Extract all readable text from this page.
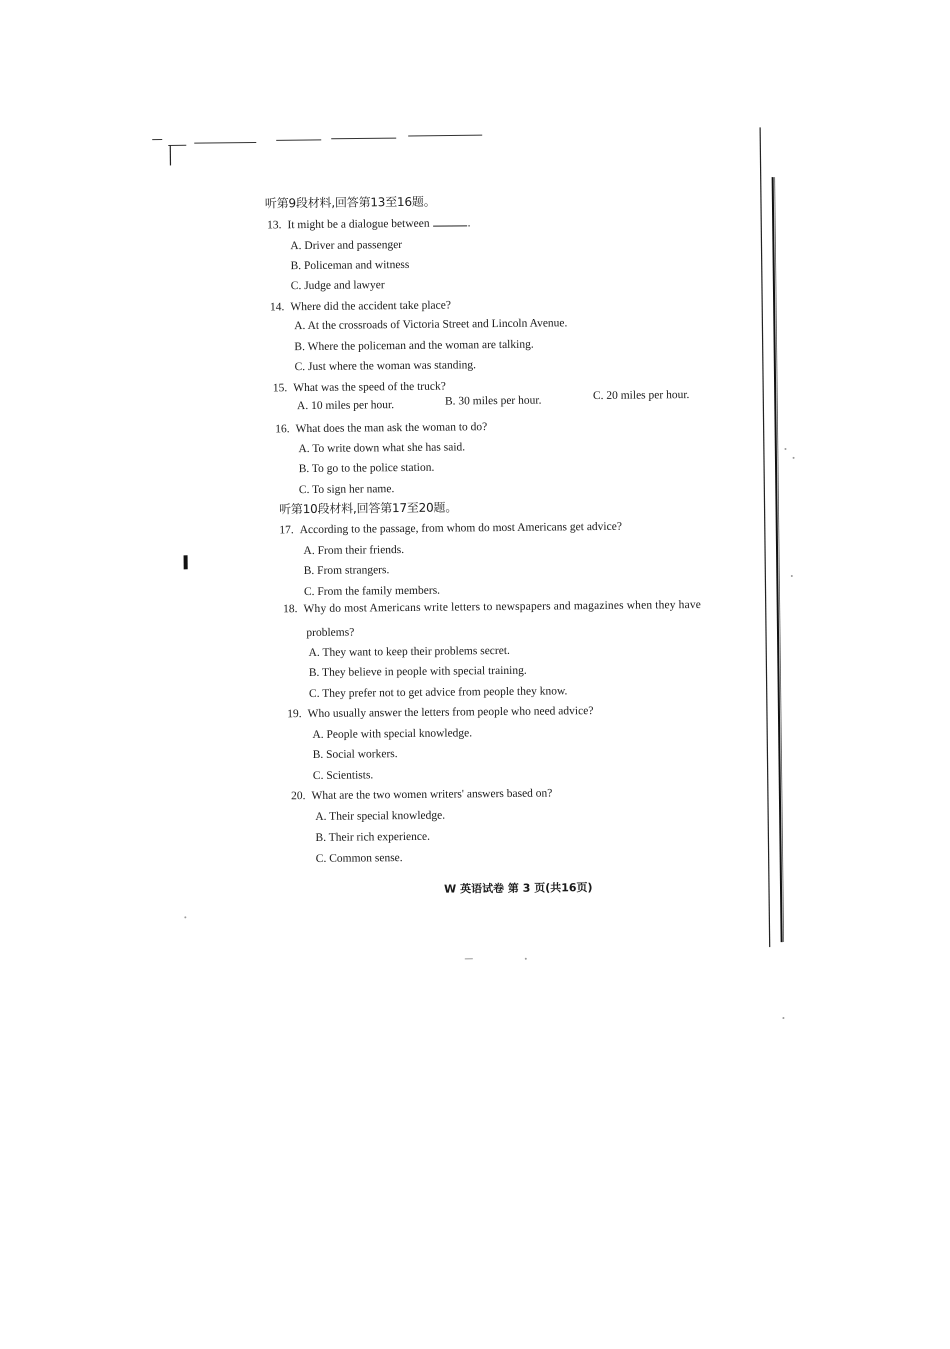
听第9段材料,回答第13至16题。
13. It might be a dialogue between	.
A. Driver and passenger
B. Policeman and witness
C. Judge and lawyer
14. Where did the accident take place?
A. At the crossroads of Victoria Street and Lincoln Avenue.
B. Where the policeman and the woman are talking.
C. Just where the woman was standing.
15. What was the speed of the truck?
A. 10 miles per hour.	B. 30 miles per hour.	C. 20 miles per hour.
16. What does the man ask the woman to do?
A. To write down what she has said.
B. To go to the police station.
C. To sign her name.
听第10段材料,回答第17至20题。
17. According to the passage, from whom do most Americans get advice?
A. From their friends.
B. From strangers.
C. From the family members.
18. Why do most Americans write letters to newspapers and magazines when they have
problems?
A. They want to keep their problems secret.
B. They believe in people with special training.
C. They prefer not to get advice from people they know.
19. Who usually answer the letters from people who need advice?
A. People with special knowledge.
B. Social workers.
C. Scientists.
20. What are the two women writers' answers based on?
A. Their special knowledge.
B. Their rich experience.
C. Common sense.
W 英语试卷 第 3 页(共16页)
